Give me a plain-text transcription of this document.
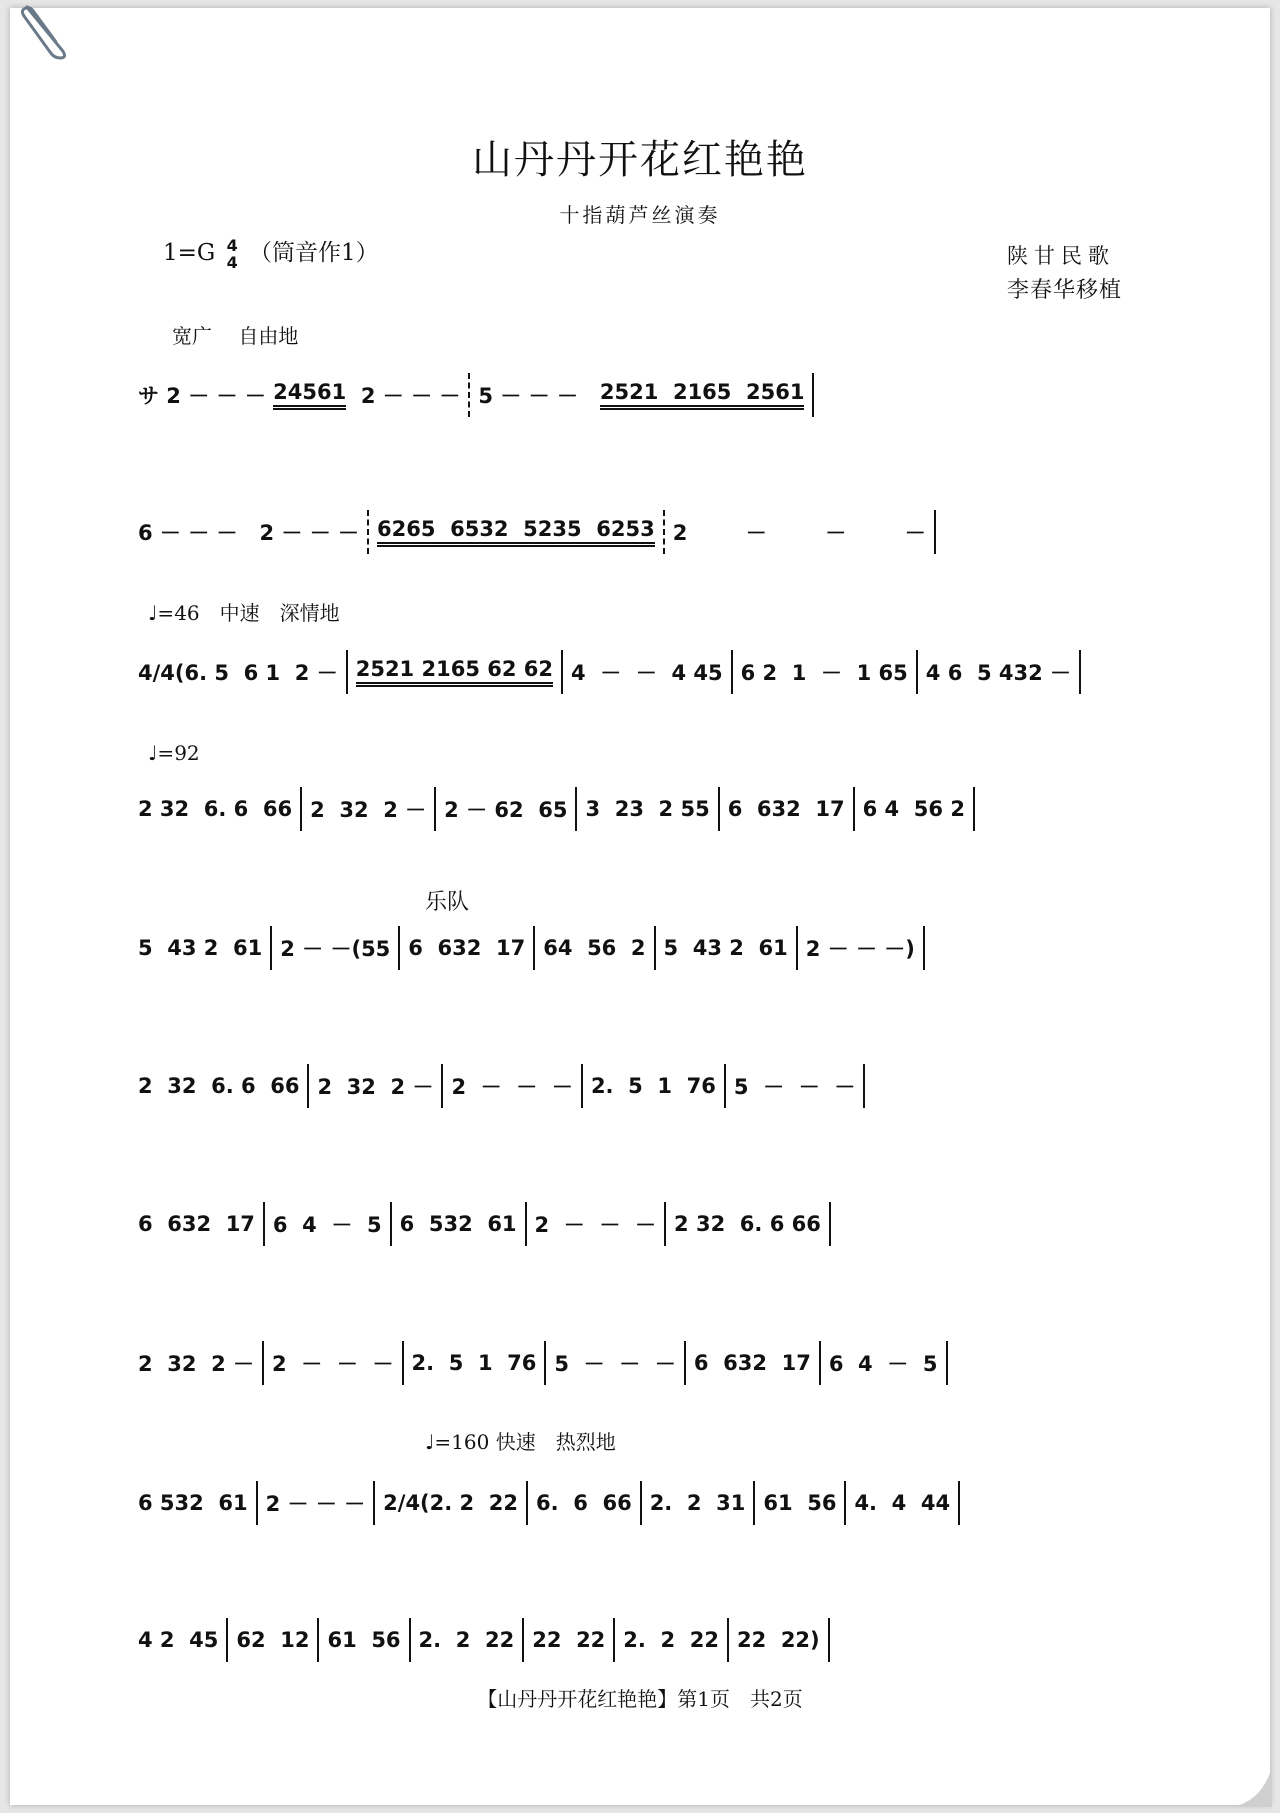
山丹丹开花红艳艳
十指葫芦丝演奏
1=G 4
4 （筒音作1）	陕甘民歌
李春华移植
宽广　 自由地
♩=46　中速　深情地
♩=92
乐队
♩=160 快速　热烈地
サ 2 － － － 24561 2 － － － 5 － － － 2521  2165  2561
6 － － －   2 － － － 6265  6532  5235  6253 2        －        －        －
4/4(6. 5  6 1  2 － 2521 2165 62 62 4  －  －  4 45 6 2  1  －  1 65 4 6  5 432 －
2 32  6. 6  66 2  32  2 － 2 － 62  65 3  23  2 55 6  632  17 6 4  56 2
5  43 2  61 2 － －(55 6  632  17 64  56  2 5  43 2  61 2 － － －)
2  32  6. 6  66 2  32  2 － 2  －  －  － 2.  5  1  76 5  －  －  －
6  632  17 6  4  －  5 6  532  61 2  －  －  － 2 32  6. 6 66
2  32  2 － 2  －  －  － 2.  5  1  76 5  －  －  － 6  632  17 6  4  －  5
6 532  61 2 － － － 2/4(2. 2  22 6.  6  66 2.  2  31 61  56 4.  4  44
4 2  45 62  12 61  56 2.  2  22 22  22 2.  2  22 22  22)
【山丹丹开花红艳艳】第1页　共2页
